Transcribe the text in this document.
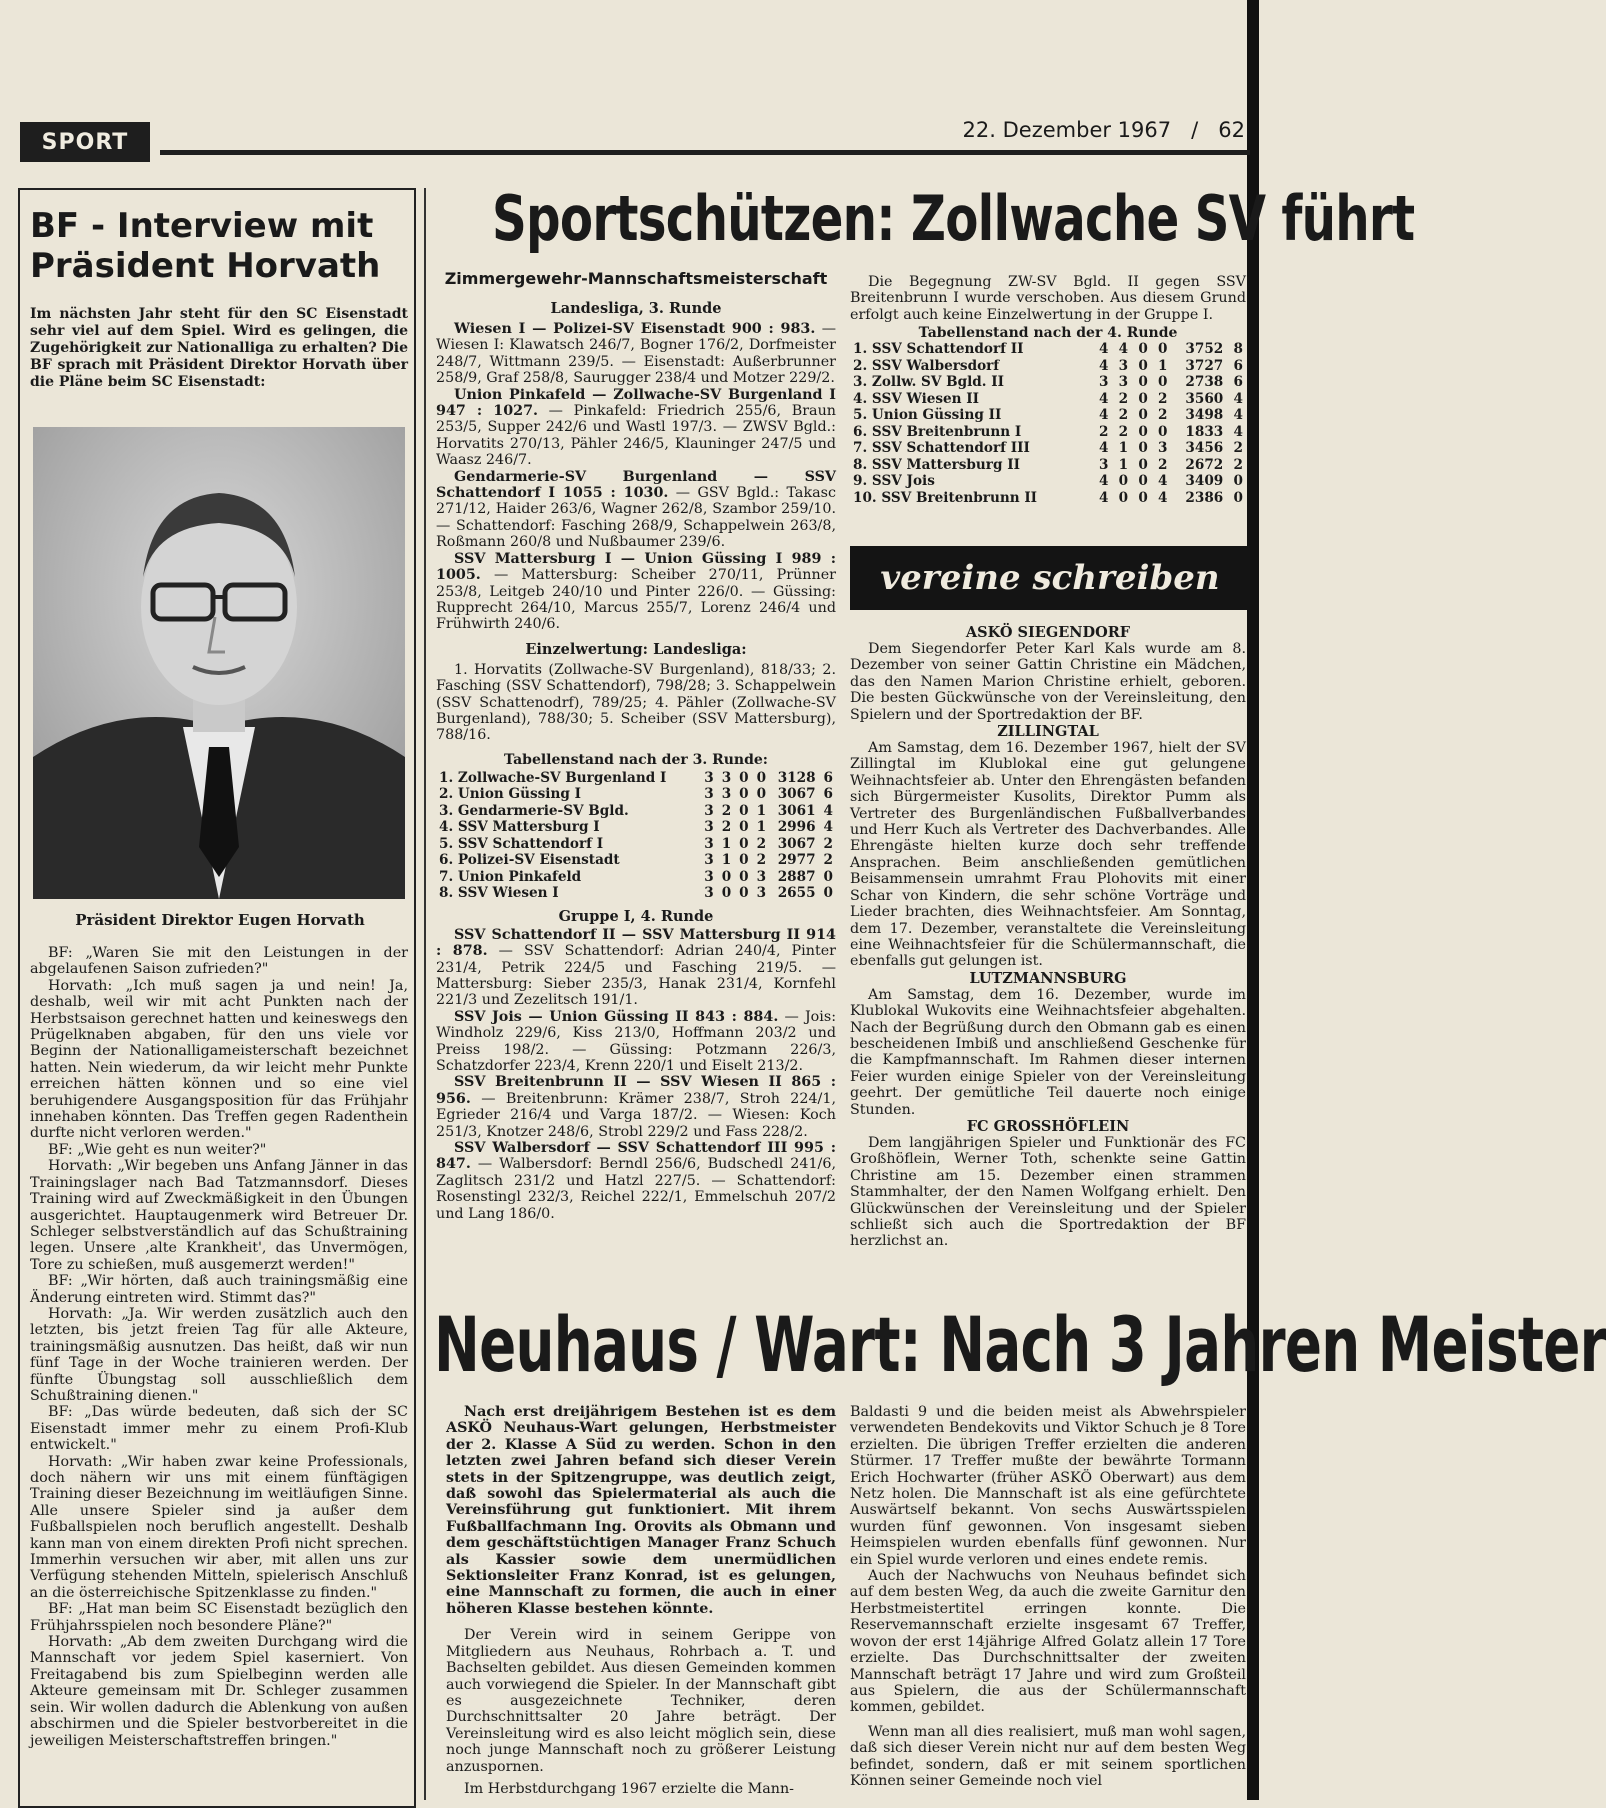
SPORT	22. Dezember 1967 / 62
BF - Interview mit
Präsident Horvath
Im nächsten Jahr steht für den SC Eisenstadt sehr viel auf dem Spiel. Wird es gelingen, die Zugehörigkeit zur Nationalliga zu erhalten? Die BF sprach mit Präsident Direktor Horvath über die Pläne beim SC Eisenstadt:
Präsident Direktor Eugen Horvath

BF: „Waren Sie mit den Leistungen in der abgelaufenen Saison zufrieden?"

Horvath: „Ich muß sagen ja und nein! Ja, deshalb, weil wir mit acht Punkten nach der Herbstsaison gerechnet hatten und keineswegs den Prügelknaben abgaben, für den uns viele vor Beginn der Nationalligameisterschaft bezeichnet hatten. Nein wiederum, da wir leicht mehr Punkte erreichen hätten können und so eine viel beruhigendere Ausgangsposition für das Frühjahr innehaben könnten. Das Treffen gegen Radenthein durfte nicht verloren werden."

BF: „Wie geht es nun weiter?"

Horvath: „Wir begeben uns Anfang Jänner in das Trainingslager nach Bad Tatzmannsdorf. Dieses Training wird auf Zweckmäßigkeit in den Übungen ausgerichtet. Hauptaugenmerk wird Betreuer Dr. Schleger selbstverständlich auf das Schußtraining legen. Unsere ‚alte Krankheit', das Unvermögen, Tore zu schießen, muß ausgemerzt werden!"

BF: „Wir hörten, daß auch trainingsmäßig eine Änderung eintreten wird. Stimmt das?"

Horvath: „Ja. Wir werden zusätzlich auch den letzten, bis jetzt freien Tag für alle Akteure, trainingsmäßig ausnutzen. Das heißt, daß wir nun fünf Tage in der Woche trainieren werden. Der fünfte Übungstag soll ausschließlich dem Schußtraining dienen."

BF: „Das würde bedeuten, daß sich der SC Eisenstadt immer mehr zu einem Profi-Klub entwickelt."

Horvath: „Wir haben zwar keine Professionals, doch nähern wir uns mit einem fünftägigen Training dieser Bezeichnung im weitläufigen Sinne. Alle unsere Spieler sind ja außer dem Fußballspielen noch beruflich angestellt. Deshalb kann man von einem direkten Profi nicht sprechen. Immerhin versuchen wir aber, mit allen uns zur Verfügung stehenden Mitteln, spielerisch Anschluß an die österreichische Spitzenklasse zu finden."

BF: „Hat man beim SC Eisenstadt bezüglich den Frühjahrsspielen noch besondere Pläne?"

Horvath: „Ab dem zweiten Durchgang wird die Mannschaft vor jedem Spiel kaserniert. Von Freitagabend bis zum Spielbeginn werden alle Akteure gemeinsam mit Dr. Schleger zusammen sein. Wir wollen dadurch die Ablenkung von außen abschirmen und die Spieler bestvorbereitet in die jeweiligen Meisterschaftstreffen bringen."

Sportschützen: Zollwache SV führt
Zimmergewehr-Mannschaftsmeisterschaft
Landesliga, 3. Runde

Wiesen I — Polizei-SV Eisenstadt 900 : 983. — Wiesen I: Klawatsch 246/7, Bogner 176/2, Dorfmeister 248/7, Wittmann 239/5. — Eisenstadt: Außerbrunner 258/9, Graf 258/8, Saurugger 238/4 und Motzer 229/2.

Union Pinkafeld — Zollwache-SV Burgenland I 947 : 1027. — Pinkafeld: Friedrich 255/6, Braun 253/5, Supper 242/6 und Wastl 197/3. — ZWSV Bgld.: Horvatits 270/13, Pähler 246/5, Klauninger 247/5 und Waasz 246/7.

Gendarmerie-SV Burgenland — SSV Schattendorf I 1055 : 1030. — GSV Bgld.: Takasc 271/12, Haider 263/6, Wagner 262/8, Szambor 259/10. — Schattendorf: Fasching 268/9, Schappelwein 263/8, Roßmann 260/8 und Nußbaumer 239/6.

SSV Mattersburg I — Union Güssing I 989 : 1005. — Mattersburg: Scheiber 270/11, Prünner 253/8, Leitgeb 240/10 und Pinter 226/0. — Güssing: Rupprecht 264/10, Marcus 255/7, Lorenz 246/4 und Frühwirth 240/6.

Einzelwertung: Landesliga:

1. Horvatits (Zollwache-SV Burgenland), 818/33; 2. Fasching (SSV Schattendorf), 798/28; 3. Schappelwein (SSV Schattenodrf), 789/25; 4. Pähler (Zollwache-SV Burgenland), 788/30; 5. Scheiber (SSV Mattersburg), 788/16.

Tabellenstand nach der 3. Runde:
1. Zollwache-SV Burgenland I	3	3	0	0	3128	6
2. Union Güssing I	3	3	0	0	3067	6
3. Gendarmerie-SV Bgld.	3	2	0	1	3061	4
4. SSV Mattersburg I	3	2	0	1	2996	4
5. SSV Schattendorf I	3	1	0	2	3067	2
6. Polizei-SV Eisenstadt	3	1	0	2	2977	2
7. Union Pinkafeld	3	0	0	3	2887	0
8. SSV Wiesen I	3	0	0	3	2655	0
Gruppe I, 4. Runde

SSV Schattendorf II — SSV Mattersburg II 914 : 878. — SSV Schattendorf: Adrian 240/4, Pinter 231/4, Petrik 224/5 und Fasching 219/5. — Mattersburg: Sieber 235/3, Hanak 231/4, Kornfehl 221/3 und Zezelitsch 191/1.

SSV Jois — Union Güssing II 843 : 884. — Jois: Windholz 229/6, Kiss 213/0, Hoffmann 203/2 und Preiss 198/2. — Güssing: Potzmann 226/3, Schatzdorfer 223/4, Krenn 220/1 und Eiselt 213/2.

SSV Breitenbrunn II — SSV Wiesen II 865 : 956. — Breitenbrunn: Krämer 238/7, Stroh 224/1, Egrieder 216/4 und Varga 187/2. — Wiesen: Koch 251/3, Knotzer 248/6, Strobl 229/2 und Fass 228/2.

SSV Walbersdorf — SSV Schattendorf III 995 : 847. — Walbersdorf: Berndl 256/6, Budschedl 241/6, Zaglitsch 231/2 und Hatzl 227/5. — Schattendorf: Rosenstingl 232/3, Reichel 222/1, Emmelschuh 207/2 und Lang 186/0.

Die Begegnung ZW-SV Bgld. II gegen SSV Breitenbrunn I wurde verschoben. Aus diesem Grund erfolgt auch keine Einzelwertung in der Gruppe I.

Tabellenstand nach der 4. Runde
1. SSV Schattendorf II	4	4	0	0	3752	8
2. SSV Walbersdorf	4	3	0	1	3727	6
3. Zollw. SV Bgld. II	3	3	0	0	2738	6
4. SSV Wiesen II	4	2	0	2	3560	4
5. Union Güssing II	4	2	0	2	3498	4
6. SSV Breitenbrunn I	2	2	0	0	1833	4
7. SSV Schattendorf III	4	1	0	3	3456	2
8. SSV Mattersburg II	3	1	0	2	2672	2
9. SSV Jois	4	0	0	4	3409	0
10. SSV Breitenbrunn II	4	0	0	4	2386	0
vereine schreiben
ASKÖ SIEGENDORF

Dem Siegendorfer Peter Karl Kals wurde am 8. Dezember von seiner Gattin Christine ein Mädchen, das den Namen Marion Christine erhielt, geboren. Die besten Gückwünsche von der Vereinsleitung, den Spielern und der Sportredaktion der BF.

ZILLINGTAL

Am Samstag, dem 16. Dezember 1967, hielt der SV Zillingtal im Klublokal eine gut gelungene Weihnachtsfeier ab. Unter den Ehrengästen befanden sich Bürgermeister Kusolits, Direktor Pumm als Vertreter des Burgenländischen Fußballverbandes und Herr Kuch als Vertreter des Dachverbandes. Alle Ehrengäste hielten kurze doch sehr treffende Ansprachen. Beim anschließenden gemütlichen Beisammensein umrahmt Frau Plohovits mit einer Schar von Kindern, die sehr schöne Vorträge und Lieder brachten, dies Weihnachtsfeier. Am Sonntag, dem 17. Dezember, veranstaltete die Vereinsleitung eine Weihnachtsfeier für die Schülermannschaft, die ebenfalls gut gelungen ist.

LUTZMANNSBURG

Am Samstag, dem 16. Dezember, wurde im Klublokal Wukovits eine Weihnachtsfeier abgehalten. Nach der Begrüßung durch den Obmann gab es einen bescheidenen Imbiß und anschließend Geschenke für die Kampfmannschaft. Im Rahmen dieser internen Feier wurden einige Spieler von der Vereinsleitung geehrt. Der gemütliche Teil dauerte noch einige Stunden.

FC GROSSHÖFLEIN

Dem langjährigen Spieler und Funktionär des FC Großhöflein, Werner Toth, schenkte seine Gattin Christine am 15. Dezember einen strammen Stammhalter, der den Namen Wolfgang erhielt. Den Glückwünschen der Vereinsleitung und der Spieler schließt sich auch die Sportredaktion der BF herzlichst an.

Neuhaus / Wart: Nach 3 Jahren Meister

Nach erst dreijährigem Bestehen ist es dem ASKÖ Neuhaus-Wart gelungen, Herbstmeister der 2. Klasse A Süd zu werden. Schon in den letzten zwei Jahren befand sich dieser Verein stets in der Spitzengruppe, was deutlich zeigt, daß sowohl das Spielermaterial als auch die Vereinsführung gut funktioniert. Mit ihrem Fußballfachmann Ing. Orovits als Obmann und dem geschäftstüchtigen Manager Franz Schuch als Kassier sowie dem unermüdlichen Sektionsleiter Franz Konrad, ist es gelungen, eine Mannschaft zu formen, die auch in einer höheren Klasse bestehen könnte.

Der Verein wird in seinem Gerippe von Mitgliedern aus Neuhaus, Rohrbach a. T. und Bachselten gebildet. Aus diesen Gemeinden kommen auch vorwiegend die Spieler. In der Mannschaft gibt es ausgezeichnete Techniker, deren Durchschnittsalter 20 Jahre beträgt. Der Vereinsleitung wird es also leicht möglich sein, diese noch junge Mannschaft noch zu größerer Leistung anzuspornen.

Im Herbstdurchgang 1967 erzielte die Mann-

Baldasti 9 und die beiden meist als Abwehrspieler verwendeten Bendekovits und Viktor Schuch je 8 Tore erzielten. Die übrigen Treffer erzielten die anderen Stürmer. 17 Treffer mußte der bewährte Tormann Erich Hochwarter (früher ASKÖ Oberwart) aus dem Netz holen. Die Mannschaft ist als eine gefürchtete Auswärtself bekannt. Von sechs Auswärtsspielen wurden fünf gewonnen. Von insgesamt sieben Heimspielen wurden ebenfalls fünf gewonnen. Nur ein Spiel wurde verloren und eines endete remis.

Auch der Nachwuchs von Neuhaus befindet sich auf dem besten Weg, da auch die zweite Garnitur den Herbstmeistertitel erringen konnte. Die Reservemannschaft erzielte insgesamt 67 Treffer, wovon der erst 14jährige Alfred Golatz allein 17 Tore erzielte. Das Durchschnittsalter der zweiten Mannschaft beträgt 17 Jahre und wird zum Großteil aus Spielern, die aus der Schülermannschaft kommen, gebildet.

Wenn man all dies realisiert, muß man wohl sagen, daß sich dieser Verein nicht nur auf dem besten Weg befindet, sondern, daß er mit seinem sportlichen Können seiner Gemeinde noch viel
